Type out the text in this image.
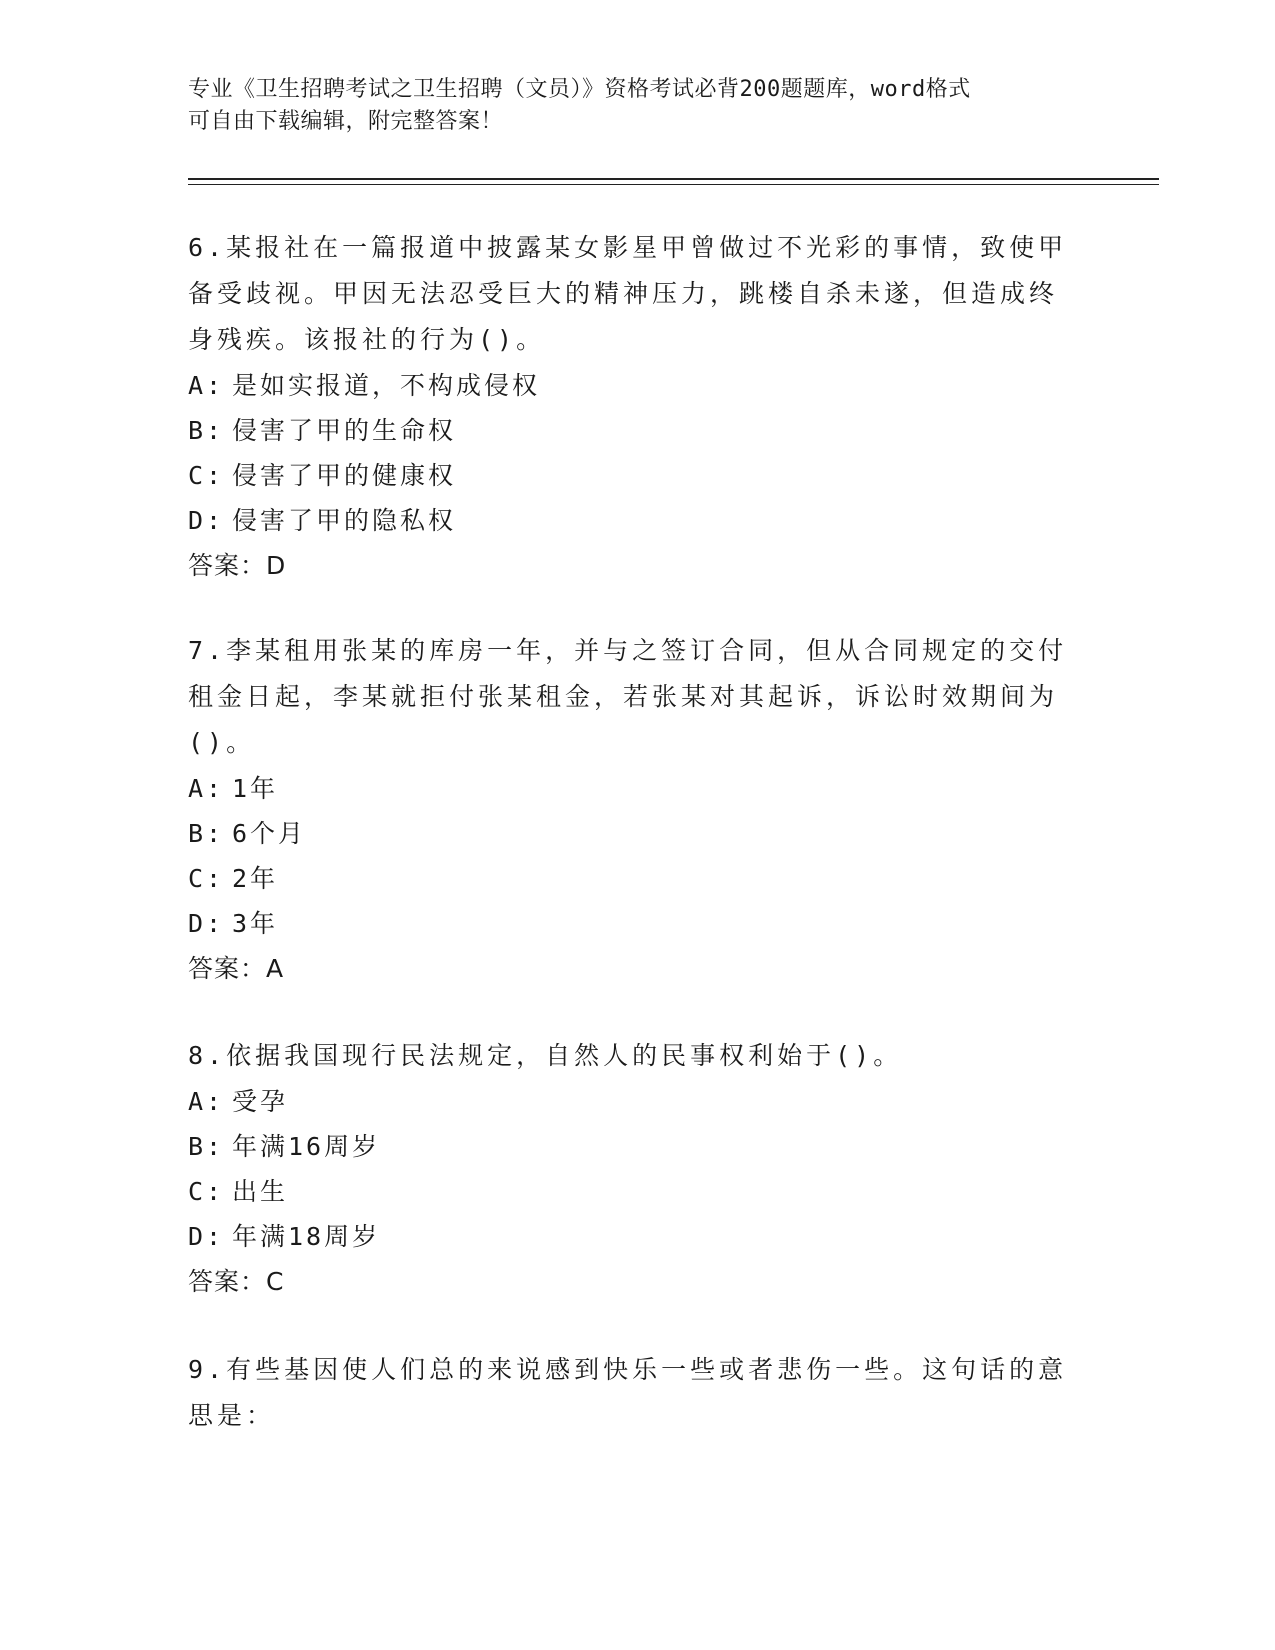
专业《卫生招聘考试之卫生招聘（文员）》资格考试必背200题题库，word格式
可自由下载编辑，附完整答案！

6.某报社在一篇报道中披露某女影星甲曾做过不光彩的事情，致使甲

备受歧视。甲因无法忍受巨大的精神压力，跳楼自杀未遂，但造成终

身残疾。该报社的行为()。

A: 是如实报道，不构成侵权

B: 侵害了甲的生命权

C: 侵害了甲的健康权

D: 侵害了甲的隐私权

答案：D

7.李某租用张某的库房一年，并与之签订合同，但从合同规定的交付

租金日起，李某就拒付张某租金，若张某对其起诉，诉讼时效期间为

()。

A: 1年

B: 6个月

C: 2年

D: 3年

答案：A

8.依据我国现行民法规定，自然人的民事权利始于()。

A: 受孕

B: 年满16周岁

C: 出生

D: 年满18周岁

答案：C

9.有些基因使人们总的来说感到快乐一些或者悲伤一些。这句话的意

思是：
